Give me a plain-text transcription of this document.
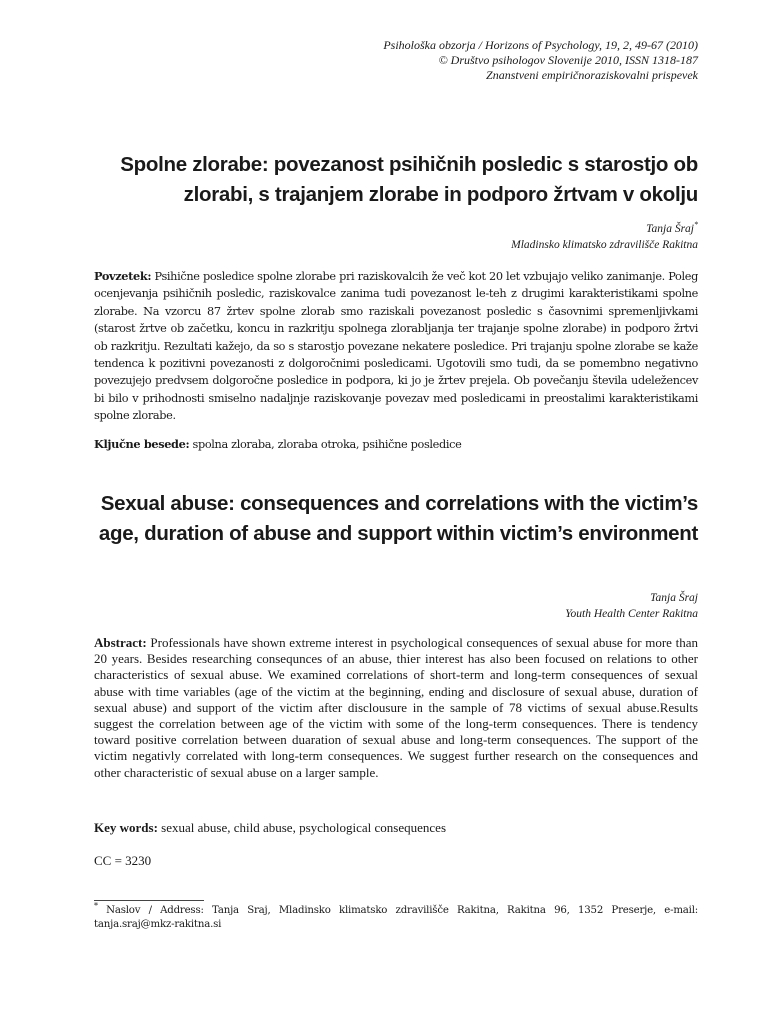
Psihološka obzorja / Horizons of Psychology, 19, 2, 49-67 (2010)
© Društvo psihologov Slovenije 2010, ISSN 1318-187
Znanstveni empiričnoraziskovalni prispevek
Spolne zlorabe: povezanost psihičnih posledic s starostjo ob zlorabi, s trajanjem zlorabe in podporo žrtvam v okolju
Tanja Šraj*
Mladinsko klimatsko zdravilišče Rakitna

Povzetek: Psihične posledice spolne zlorabe pri raziskovalcih že več kot 20 let vzbujajo veliko zanimanje. Poleg ocenjevanja psihičnih posledic, raziskovalce zanima tudi povezanost le-teh z drugimi karakteristikami spolne zlorabe. Na vzorcu 87 žrtev spolne zlorab smo raziskali povezanost posledic s časovnimi spremenljivkami (starost žrtve ob začetku, koncu in razkritju spolnega zlorabljanja ter trajanje spolne zlorabe) in podporo žrtvi ob razkritju. Rezultati kažejo, da so s starostjo povezane nekatere posledice. Pri trajanju spolne zlorabe se kaže tendenca k pozitivni povezanosti z dolgoročnimi posledicami. Ugotovili smo tudi, da se pomembno negativno povezujejo predvsem dolgoročne posledice in podpora, ki jo je žrtev prejela. Ob povečanju števila udeležencev bi bilo v prihodnosti smiselno nadaljnje raziskovanje povezav med posledicami in preostalimi karakteristikami spolne zlorabe.

Ključne besede: spolna zloraba, zloraba otroka, psihične posledice

Sexual abuse: consequences and correlations with the victim’s age, duration of abuse and support within victim’s environment
Tanja Šraj
Youth Health Center Rakitna

Abstract: Professionals have shown extreme interest in psychological consequences of sexual abuse for more than 20 years. Besides researching consequnces of an abuse, thier interest has also been focused on relations to other characteristics of sexual abuse. We examined correlations of short-term and long-term consequences of sexual abuse with time variables (age of the victim at the beginning, ending and disclosure of sexual abuse, duration of sexual abuse) and support of the victim after disclousure in the sample of 78 victims of sexual abuse.Results suggest the correlation between age of the victim with some of the long-term consequences. There is tendency toward positive correlation between duaration of sexual abuse and long-term consequences. The support of the victim negativly correlated with long-term consequences. We suggest further research on the consequences and other characteristic of sexual abuse on a larger sample.

Key words: sexual abuse, child abuse, psychological consequences

CC = 3230

* Naslov / Address: Tanja Sraj, Mladinsko klimatsko zdravilišče Rakitna, Rakitna 96, 1352 Preserje, e-mail: tanja.sraj@mkz-rakitna.si
